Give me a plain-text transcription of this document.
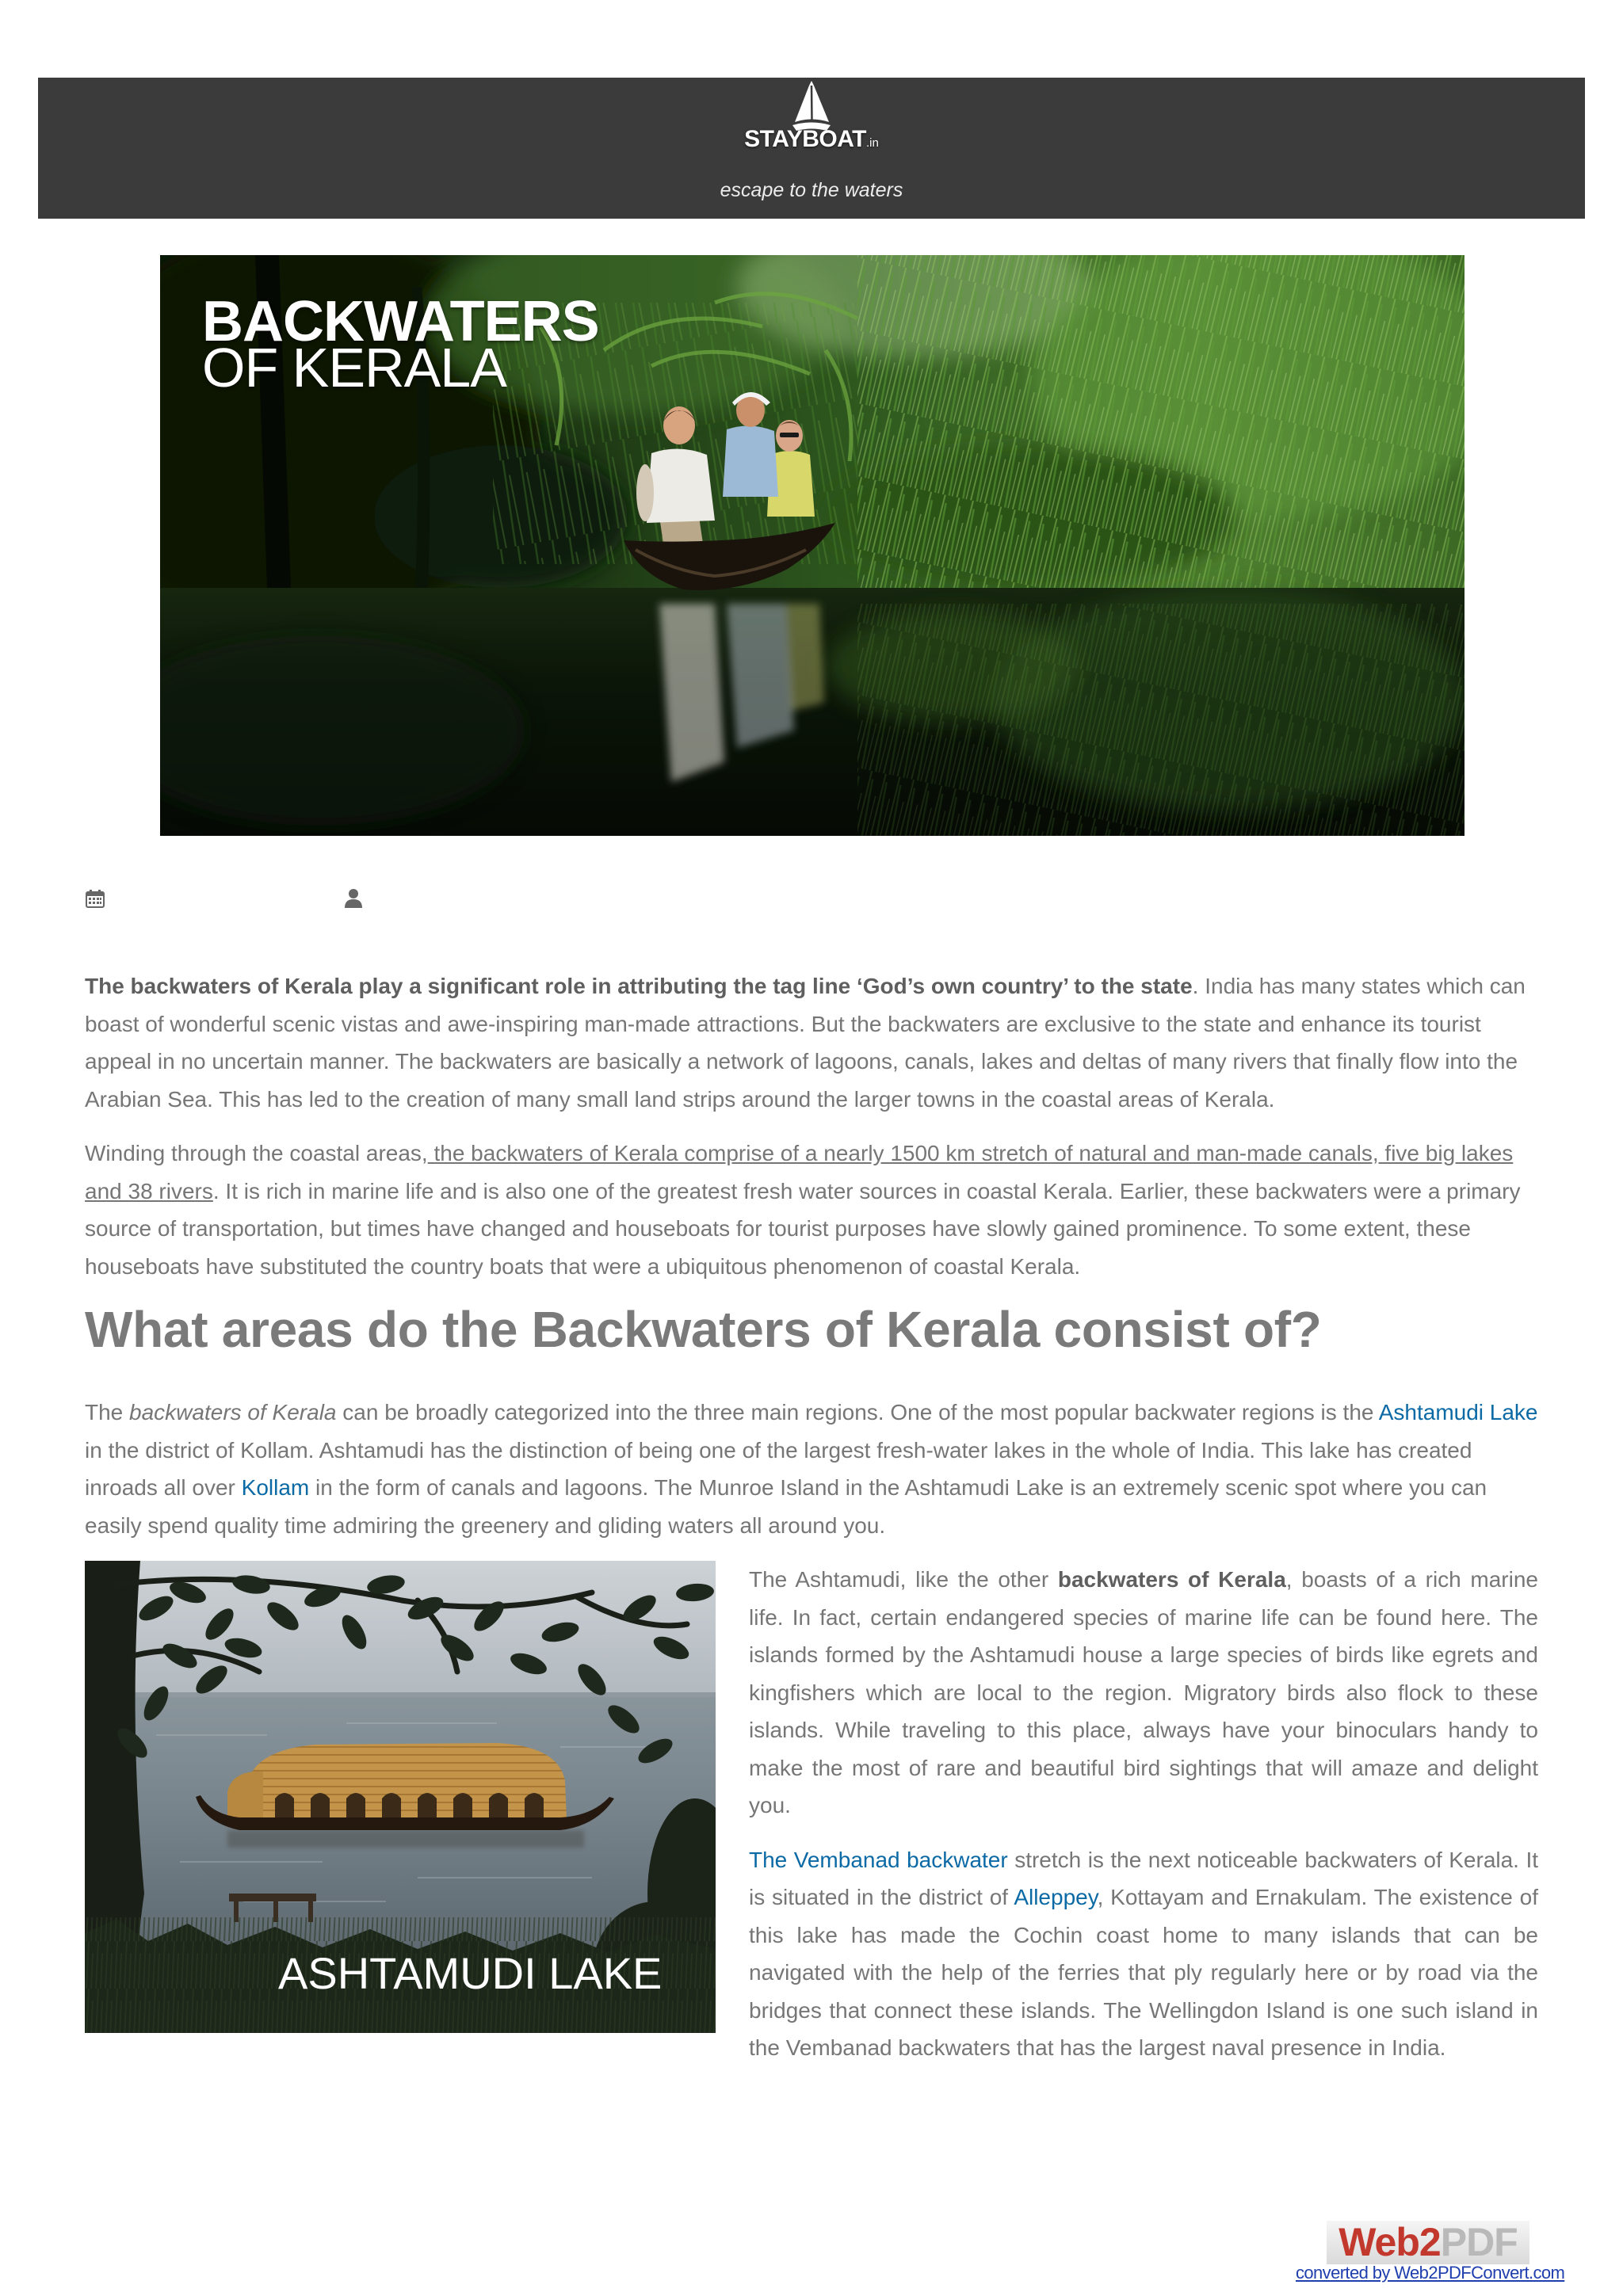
STAYBOAT.in
escape to the waters
BACKWATERS
OF KERALA

The backwaters of Kerala play a significant role in attributing the tag line ‘God’s own country’ to the state. India has many states which can boast of wonderful scenic vistas and awe-inspiring man-made attractions. But the backwaters are exclusive to the state and enhance its tourist appeal in no uncertain manner. The backwaters are basically a network of lagoons, canals, lakes and deltas of many rivers that finally flow into the Arabian Sea. This has led to the creation of many small land strips around the larger towns in the coastal areas of Kerala.

Winding through the coastal areas, the backwaters of Kerala comprise of a nearly 1500 km stretch of natural and man-made canals, five big lakes and 38 rivers. It is rich in marine life and is also one of the greatest fresh water sources in coastal Kerala. Earlier, these backwaters were a primary source of transportation, but times have changed and houseboats for tourist purposes have slowly gained prominence. To some extent, these houseboats have substituted the country boats that were a ubiquitous phenomenon of coastal Kerala.

What areas do the Backwaters of Kerala consist of?

The backwaters of Kerala can be broadly categorized into the three main regions. One of the most popular backwater regions is the Ashtamudi Lake in the district of Kollam. Ashtamudi has the distinction of being one of the largest fresh-water lakes in the whole of India. This lake has created inroads all over Kollam in the form of canals and lagoons. The Munroe Island in the Ashtamudi Lake is an extremely scenic spot where you can easily spend quality time admiring the greenery and gliding waters all around you.

ASHTAMUDI LAKE

The Ashtamudi, like the other backwaters of Kerala, boasts of a rich marine life. In fact, certain endangered species of marine life can be found here. The islands formed by the Ashtamudi house a large species of birds like egrets and kingfishers which are local to the region. Migratory birds also flock to these islands. While traveling to this place, always have your binoculars handy to make the most of rare and beautiful bird sightings that will amaze and delight you.

The Vembanad backwater stretch is the next noticeable backwaters of Kerala. It is situated in the district of Alleppey, Kottayam and Ernakulam. The existence of this lake has made the Cochin coast home to many islands that can be navigated with the help of the ferries that ply regularly here or by road via the bridges that connect these islands. The Wellingdon Island is one such island in the Vembanad backwaters that has the largest naval presence in India.

Web2PDF
converted by Web2PDFConvert.com
